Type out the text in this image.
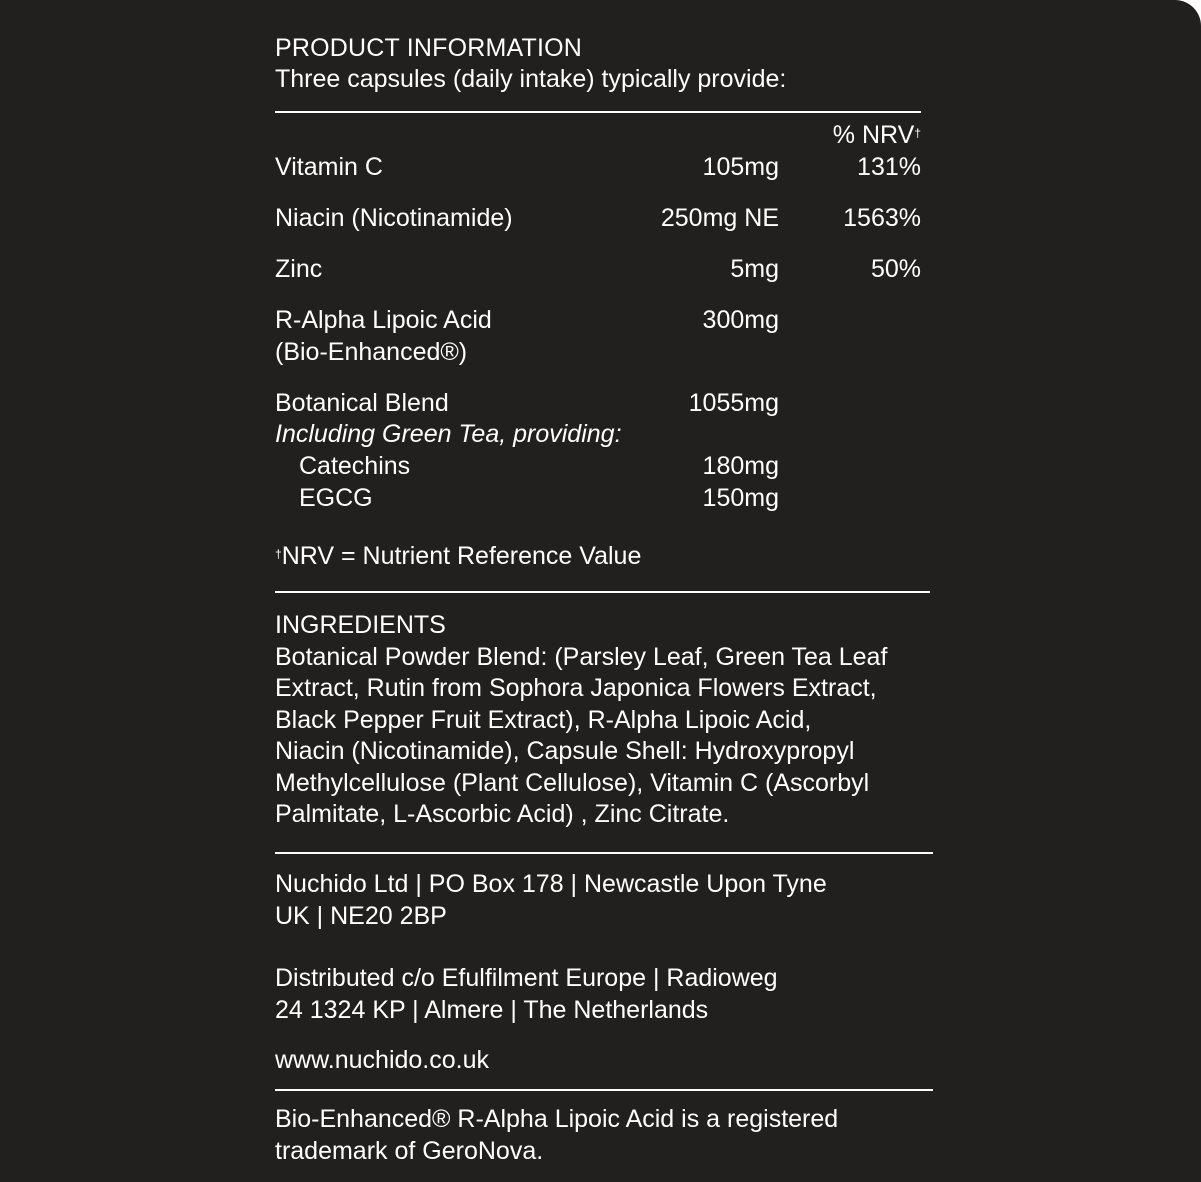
PRODUCT INFORMATION
Three capsules (daily intake) typically provide:
% NRV†
Vitamin C	105mg	131%
Niacin (Nicotinamide)	250mg NE	1563%
Zinc	5mg	50%
R-Alpha Lipoic Acid	300mg
(Bio-Enhanced®)
Botanical Blend	1055mg
Including Green Tea, providing:
Catechins	180mg
EGCG	150mg
†NRV = Nutrient Reference Value
INGREDIENTS
Botanical Powder Blend: (Parsley Leaf, Green Tea Leaf
Extract, Rutin from Sophora Japonica Flowers Extract,
Black Pepper Fruit Extract), R-Alpha Lipoic Acid,
Niacin (Nicotinamide), Capsule Shell: Hydroxypropyl
Methylcellulose (Plant Cellulose), Vitamin C (Ascorbyl
Palmitate, L-Ascorbic Acid) , Zinc Citrate.
Nuchido Ltd | PO Box 178 | Newcastle Upon Tyne
UK | NE20 2BP
Distributed c/o Efulfilment Europe | Radioweg
24 1324 KP | Almere | The Netherlands
www.nuchido.co.uk
Bio-Enhanced® R-Alpha Lipoic Acid is a registered
trademark of GeroNova.
